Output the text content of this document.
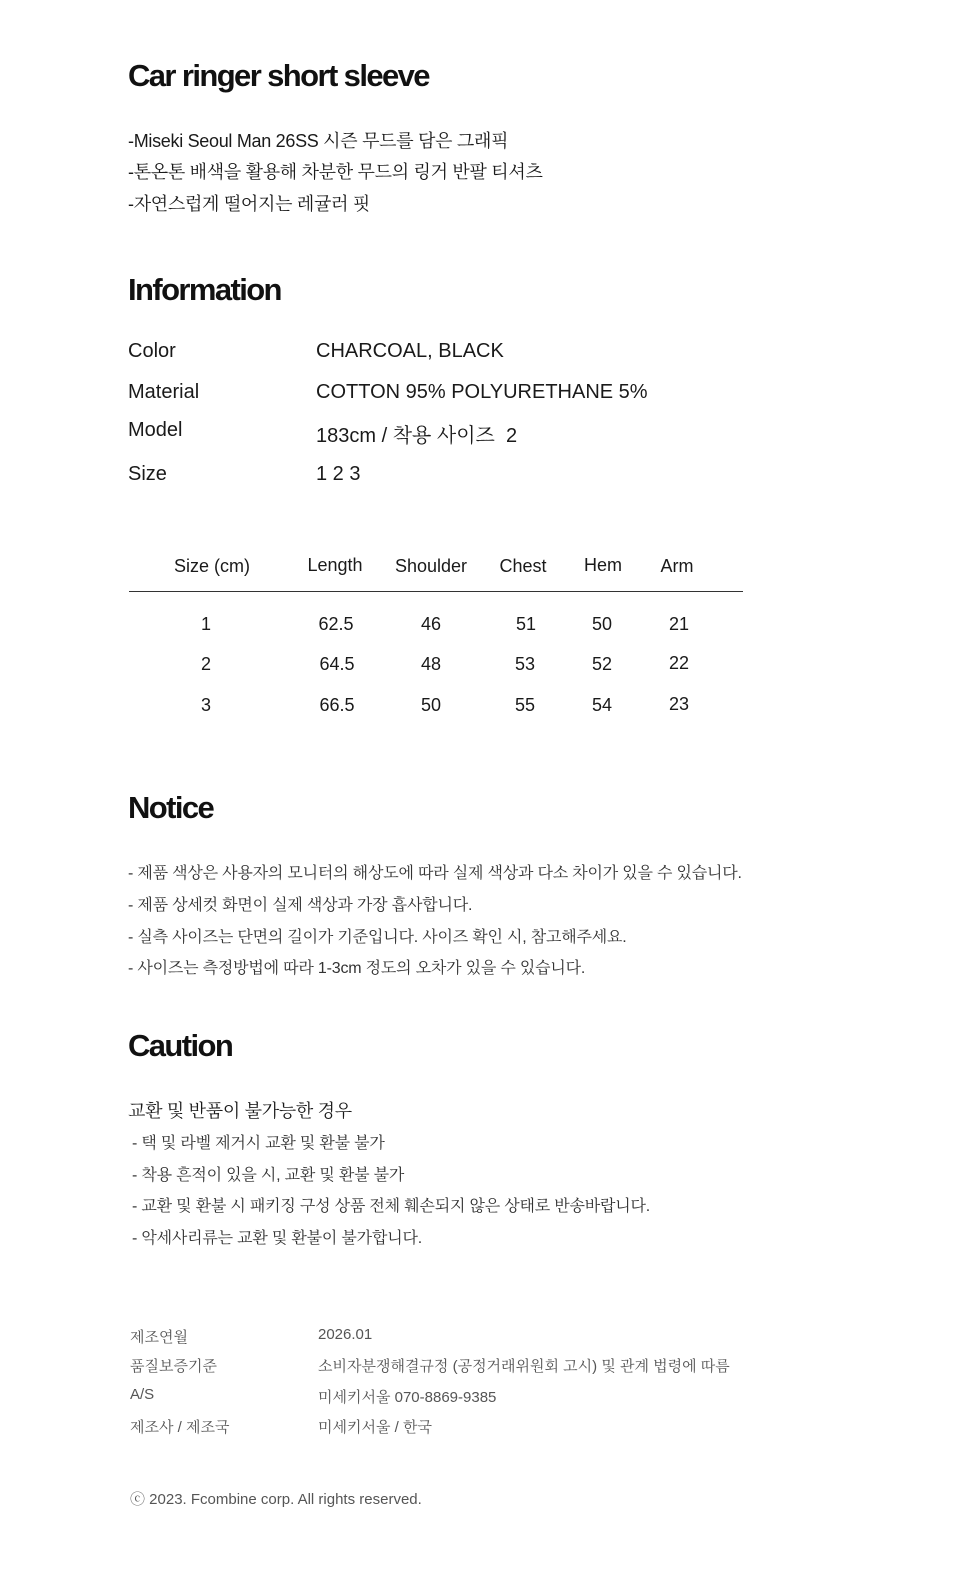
Car ringer short sleeve
-Miseki Seoul Man 26SS 시즌 무드를 담은 그래픽
-톤온톤 배색을 활용해 차분한 무드의 링거 반팔 티셔츠
-자연스럽게 떨어지는 레귤러 핏
Information
Color	CHARCOAL, BLACK
Material	COTTON 95% POLYURETHANE 5%
Model	183cm / 착용 사이즈  2
Size	1 2 3
Size (cm)	Length Shoulder Chest Hem Arm
1	62.5	46	51	50	21
2	64.5	48	53	52	22
3	66.5	50	55	54	23
Notice
- 제품 색상은 사용자의 모니터의 해상도에 따라 실제 색상과 다소 차이가 있을 수 있습니다.
- 제품 상세컷 화면이 실제 색상과 가장 흡사합니다.
- 실측 사이즈는 단면의 길이가 기준입니다. 사이즈 확인 시, 참고해주세요.
- 사이즈는 측정방법에 따라 1-3cm 정도의 오차가 있을 수 있습니다.
Caution
교환 및 반품이 불가능한 경우
- 택 및 라벨 제거시 교환 및 환불 불가
- 착용 흔적이 있을 시, 교환 및 환불 불가
- 교환 및 환불 시 패키징 구성 상품 전체 훼손되지 않은 상태로 반송바랍니다.
- 악세사리류는 교환 및 환불이 불가합니다.
제조연월	2026.01
품질보증기준	소비자분쟁해결규정 (공정거래위원회 고시) 및 관계 법령에 따름
A/S	미세키서울 070-8869-9385
제조사 / 제조국	미세키서울 / 한국
ⓒ 2023. Fcombine corp. All rights reserved.
